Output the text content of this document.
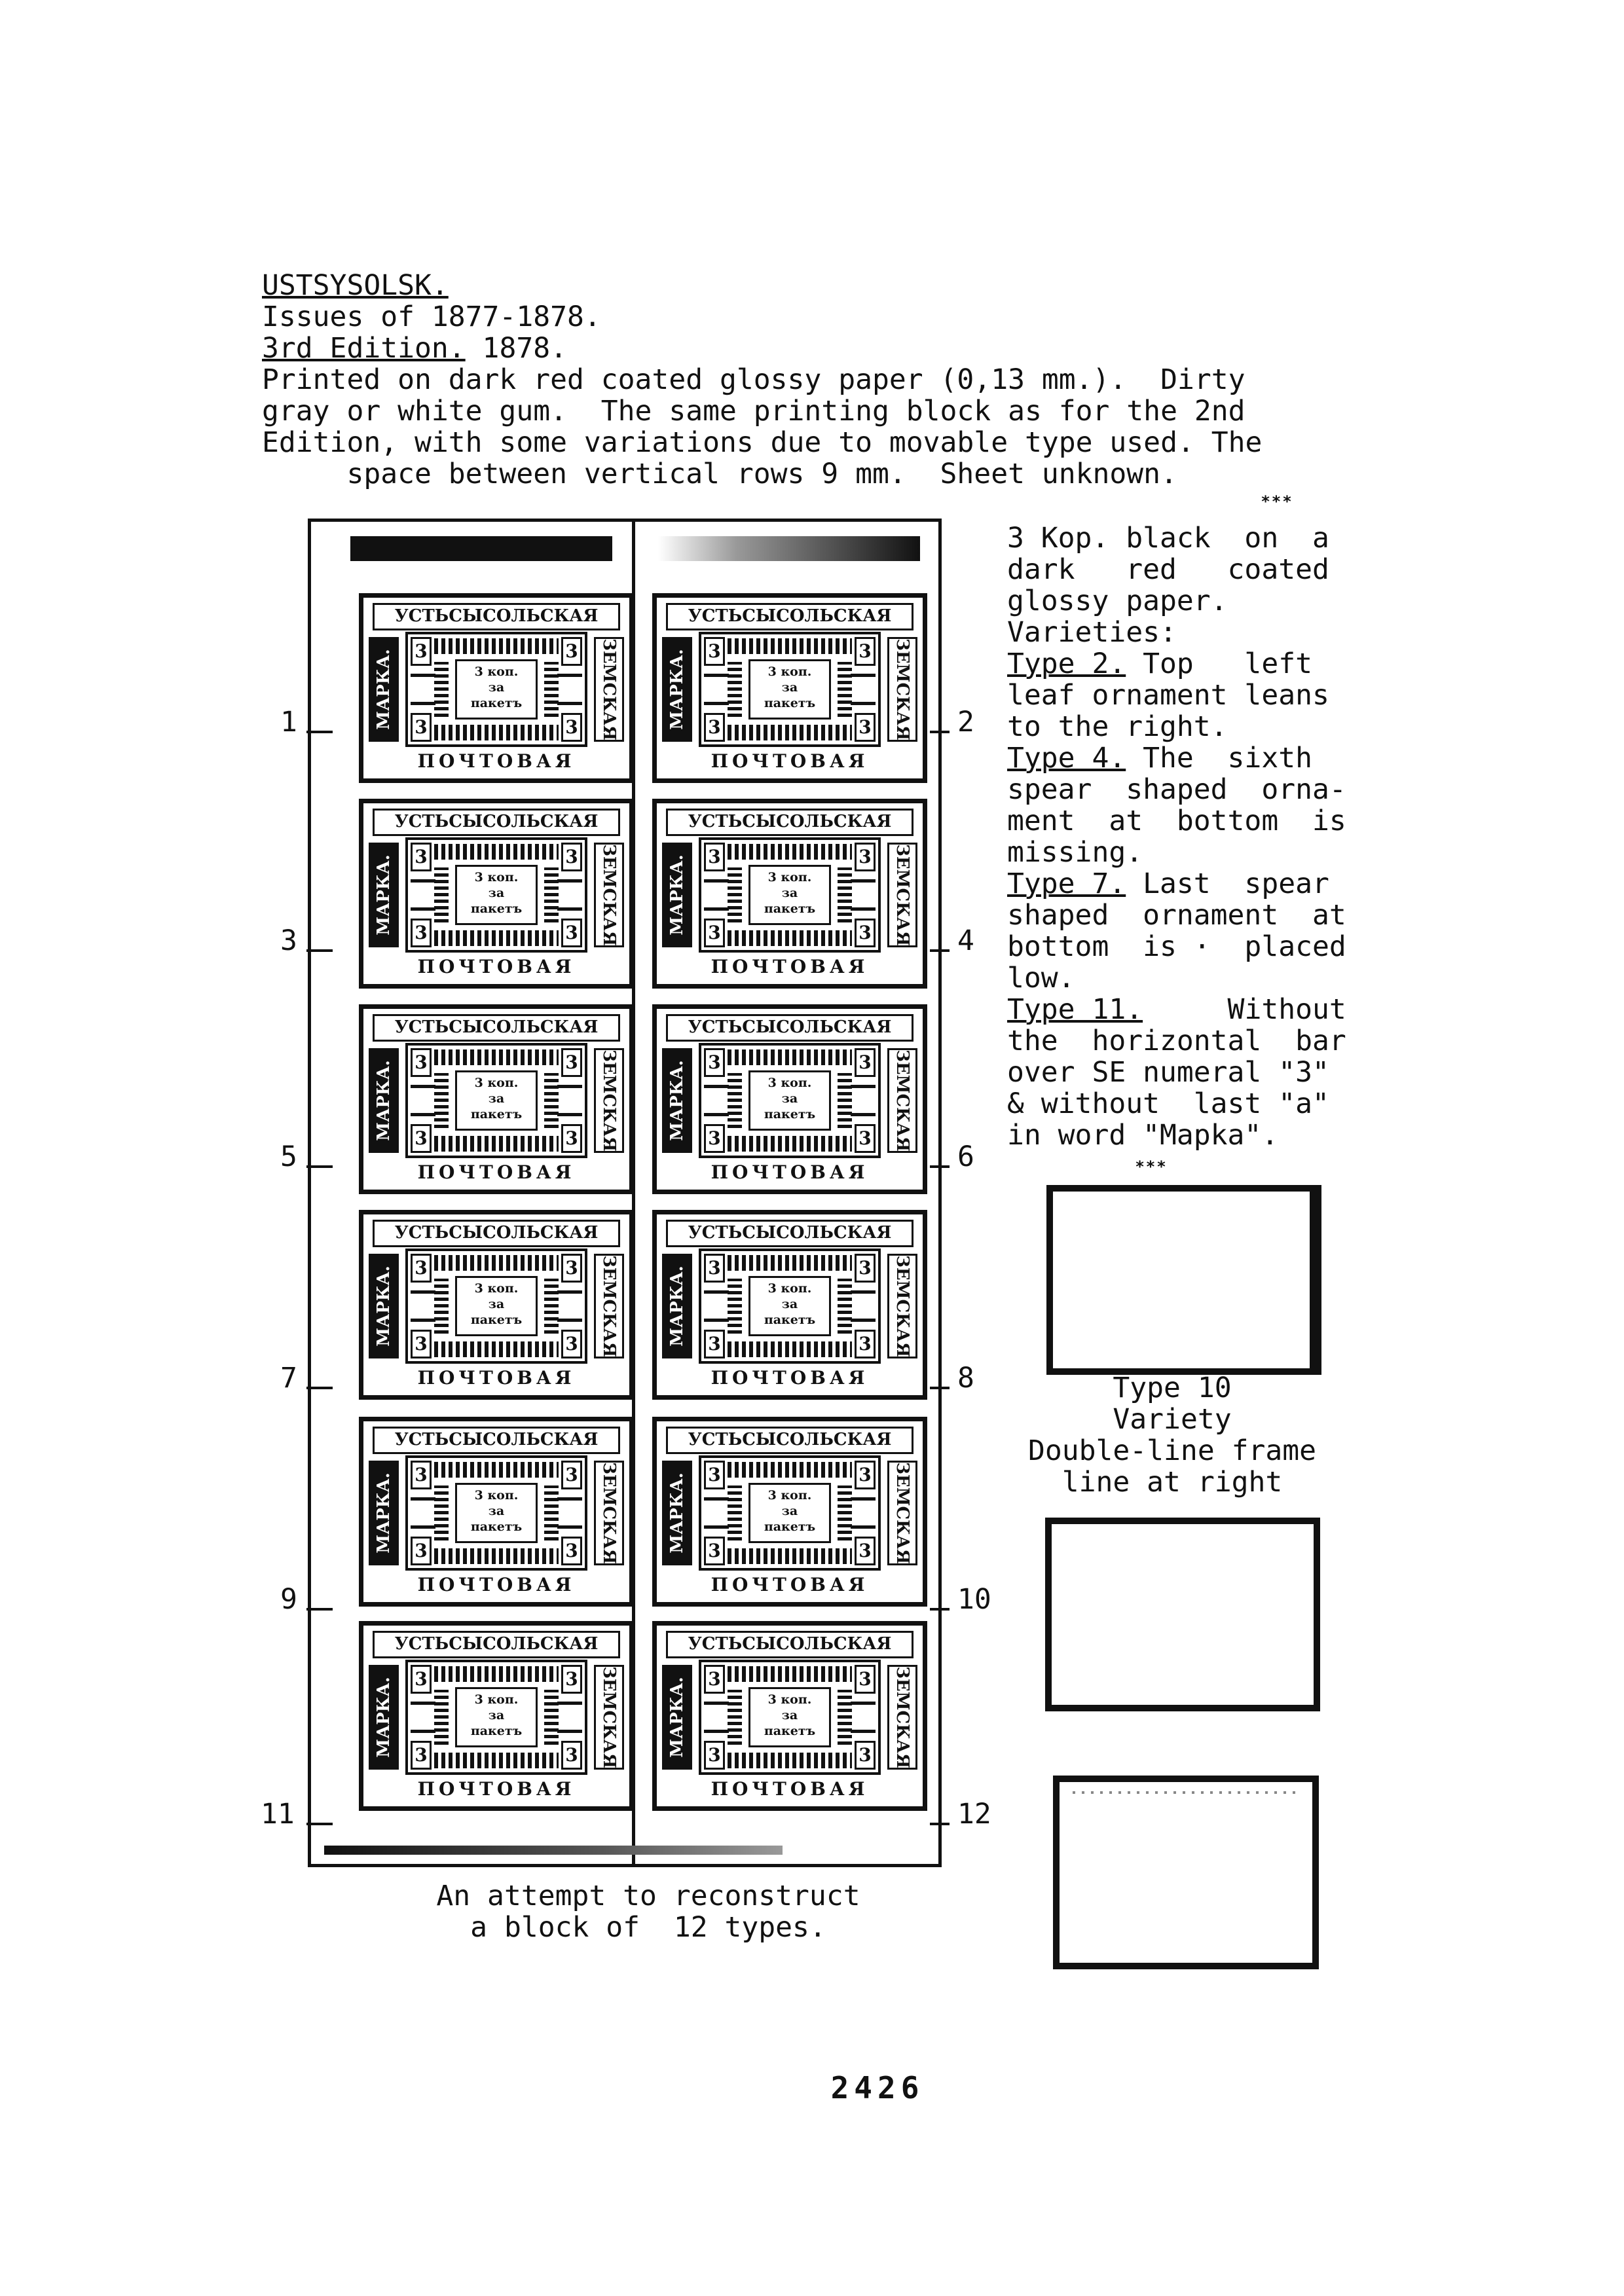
USTSYSOLSK.
Issues of 1877-1878.
3rd Edition. 1878.
Printed on dark red coated glossy paper (0,13 mm.).  Dirty
gray or white gum.  The same printing block as for the 2nd
Edition, with some variations due to movable type used. The
space between vertical rows 9 mm.  Sheet unknown.
***
УСТЬСЫСОЛЬСКАЯ
МАРКА.	ЗЕМСКАЯ
3	3
3	3
3 коп.
за
пакетъ
ПОЧТОВАЯ
УСТЬСЫСОЛЬСКАЯ
МАРКА.	ЗЕМСКАЯ
3	3
3	3
3 коп.
за
пакетъ
ПОЧТОВАЯ
УСТЬСЫСОЛЬСКАЯ
МАРКА.	ЗЕМСКАЯ
3	3
3	3
3 коп.
за
пакетъ
ПОЧТОВАЯ
УСТЬСЫСОЛЬСКАЯ
МАРКА.	ЗЕМСКАЯ
3	3
3	3
3 коп.
за
пакетъ
ПОЧТОВАЯ
УСТЬСЫСОЛЬСКАЯ
МАРКА.	ЗЕМСКАЯ
3	3
3	3
3 коп.
за
пакетъ
ПОЧТОВАЯ
УСТЬСЫСОЛЬСКАЯ
МАРКА.	ЗЕМСКАЯ
3	3
3	3
3 коп.
за
пакетъ
ПОЧТОВАЯ
УСТЬСЫСОЛЬСКАЯ
МАРКА.	ЗЕМСКАЯ
3	3
3	3
3 коп.
за
пакетъ
ПОЧТОВАЯ
УСТЬСЫСОЛЬСКАЯ
МАРКА.	ЗЕМСКАЯ
3	3
3	3
3 коп.
за
пакетъ
ПОЧТОВАЯ
УСТЬСЫСОЛЬСКАЯ
МАРКА.	ЗЕМСКАЯ
3	3
3	3
3 коп.
за
пакетъ
ПОЧТОВАЯ
УСТЬСЫСОЛЬСКАЯ
МАРКА.	ЗЕМСКАЯ
3	3
3	3
3 коп.
за
пакетъ
ПОЧТОВАЯ
УСТЬСЫСОЛЬСКАЯ
МАРКА.	ЗЕМСКАЯ
3	3
3	3
3 коп.
за
пакетъ
ПОЧТОВАЯ
УСТЬСЫСОЛЬСКАЯ
МАРКА.	ЗЕМСКАЯ
3	3
3	3
3 коп.
за
пакетъ
ПОЧТОВАЯ
An attempt to reconstruct
a block of  12 types.
3 Kop. black  on  a
dark   red   coated
glossy paper.
Varieties:
Type 2. Top   left
leaf ornament leans
to the right.
Type 4. The  sixth
spear  shaped  orna-
ment  at  bottom  is
missing.
Type 7. Last  spear
shaped  ornament  at
bottom  is ·  placed
low.
Type 11.     Without
the  horizontal  bar
over SE numeral "3"
& without  last "a"
in word "Mapka".
***
Type 10
Variety
Double-line frame
line at right
2426
1	2
3	4
5	6
7	8
9	10
11	12
